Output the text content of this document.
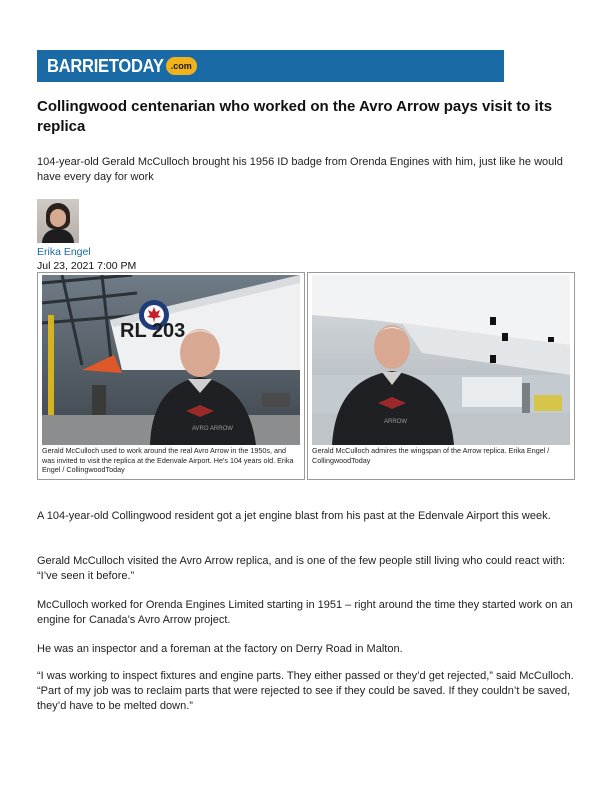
BARRIETODAY .com
Collingwood centenarian who worked on the Avro Arrow pays visit to its replica
104-year-old Gerald McCulloch brought his 1956 ID badge from Orenda Engines with him, just like he would have every day for work
Erika Engel
Jul 23, 2021 7:00 PM
RL 203
AVRO ARROW
Gerald McCulloch used to work around the real Avro Arrow in the 1950s, and was invited to visit the replica at the Edenvale Airport. He's 104 years old. Erika Engel / CollingwoodToday
ARROW
Gerald McCulloch admires the wingspan of the Arrow replica. Erika Engel / CollingwoodToday

A 104-year-old Collingwood resident got a jet engine blast from his past at the Edenvale Airport this week.

Gerald McCulloch visited the Avro Arrow replica, and is one of the few people still living who could react with: “I’ve seen it before.”

McCulloch worked for Orenda Engines Limited starting in 1951 – right around the time they started work on an engine for Canada’s Avro Arrow project.

He was an inspector and a foreman at the factory on Derry Road in Malton.

“I was working to inspect fixtures and engine parts. They either passed or they’d get rejected,” said McCulloch. “Part of my job was to reclaim parts that were rejected to see if they could be saved. If they couldn’t be saved, they’d have to be melted down.”
